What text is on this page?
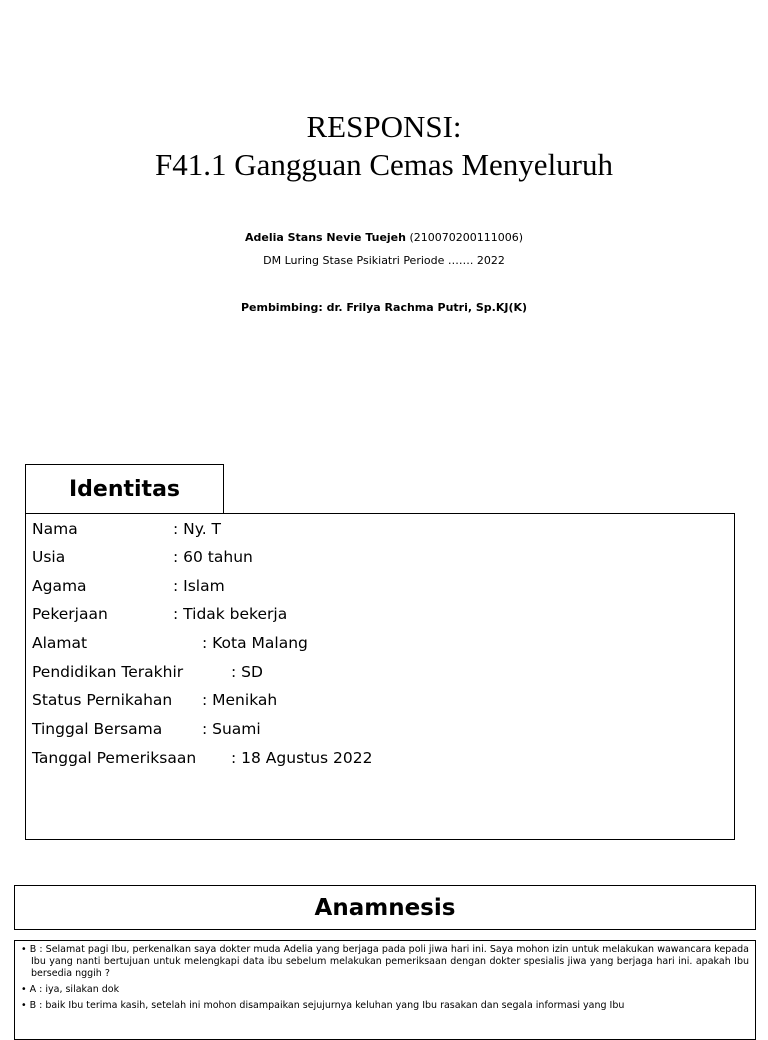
RESPONSI:
F41.1 Gangguan Cemas Menyeluruh
Adelia Stans Nevie Tuejeh (210070200111006)
DM Luring Stase Psikiatri Periode ……. 2022
Pembimbing: dr. Frilya Rachma Putri, Sp.KJ(K)
Identitas
Nama	: Ny. T
Usia	: 60 tahun
Agama	: Islam
Pekerjaan	: Tidak bekerja
Alamat	: Kota Malang
Pendidikan Terakhir	: SD
Status Pernikahan : Menikah
Tinggal Bersama	: Suami
Tanggal Pemeriksaan : 18 Agustus 2022
Anamnesis

• B : Selamat pagi Ibu, perkenalkan saya dokter muda Adelia yang berjaga pada poli jiwa hari ini. Saya mohon izin untuk melakukan wawancara kepada Ibu yang nanti bertujuan untuk melengkapi data ibu sebelum melakukan pemeriksaan dengan dokter spesialis jiwa yang berjaga hari ini. apakah Ibu bersedia nggih ?

• A : iya, silakan dok

• B : baik Ibu terima kasih, setelah ini mohon disampaikan sejujurnya keluhan yang Ibu rasakan dan segala informasi yang Ibu
